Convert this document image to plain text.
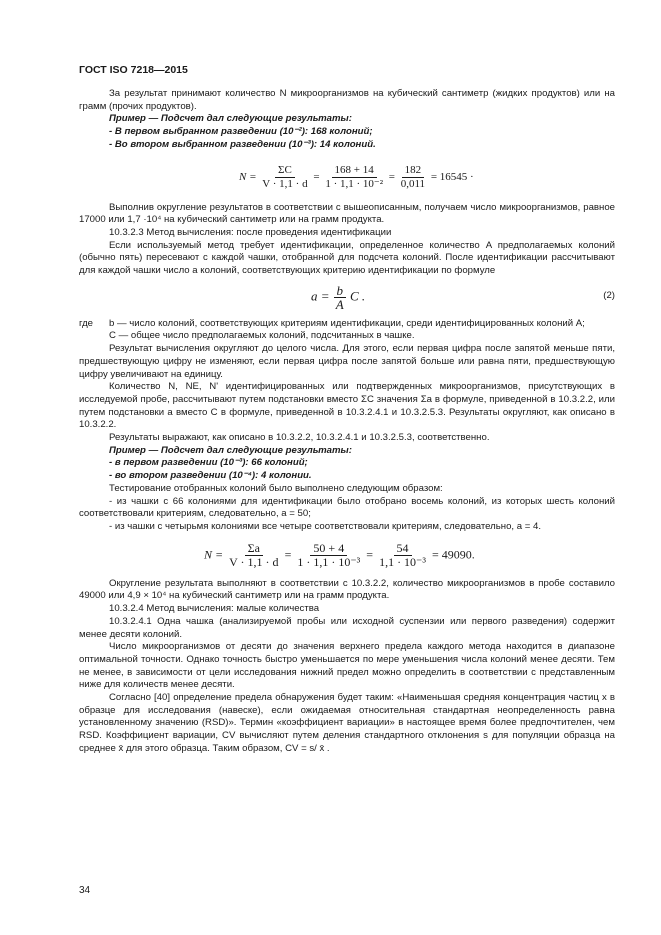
ГОСТ ISO 7218—2015

За результат принимают количество N микроорганизмов на кубический сантиметр (жидких продуктов) или на грамм (прочих продуктов).

Пример — Подсчет дал следующие результаты:

- В первом выбранном разведении (10⁻²): 168 колоний;

- Во втором выбранном разведении (10⁻³): 14 колоний.

$N = \frac{\Sigma C}{V \cdot 1,1 \cdot d} = \frac{168 + 14}{\text{1 · 1,1 · 10⁻²}} = \frac{182}{0,011} = 16545$ ·

Выполнив округление результатов в соответствии с вышеописанным, получаем число микроорганизмов, равное 17000 или 1,7 ·10⁴ на кубический сантиметр или на грамм продукта.

10.3.2.3 Метод вычисления: после проведения идентификации

Если используемый метод требует идентификации, определенное количество A предполагаемых колоний (обычно пять) пересевают с каждой чашки, отобранной для подсчета колоний. После идентификации рассчитывают для каждой чашки число a колоний, соответствующих критерию идентификации по формуле

$a = \frac{b}{A}$ C .	(2)
где	b — число колоний, соответствующих критериям идентификации, среди идентифицированных колоний A;

C — общее число предполагаемых колоний, подсчитанных в чашке.

Результат вычисления округляют до целого числа. Для этого, если первая цифра после запятой меньше пяти, предшествующую цифру не изменяют, если первая цифра после запятой больше или равна пяти, предшествующую цифру увеличивают на единицу.

Количество N, NE, N' идентифицированных или подтвержденных микроорганизмов, присутствующих в исследуемой пробе, рассчитывают путем подстановки вместо ΣC значения Σa в формуле, приведенной в 10.3.2.2, или путем подстановки a вместо C в формуле, приведенной в 10.3.2.4.1 и 10.3.2.5.3. Результаты округляют, как описано в 10.3.2.2.

Результаты выражают, как описано в 10.3.2.2, 10.3.2.4.1 и 10.3.2.5.3, соответственно.

Пример — Подсчет дал следующие результаты:

- в первом разведении (10⁻³): 66 колоний;

- во втором разведении (10⁻⁴): 4 колонии.

Тестирование отобранных колоний было выполнено следующим образом:

- из чашки с 66 колониями для идентификации было отобрано восемь колоний, из которых шесть колоний соответствовали критериям, следовательно, a = 50;

- из чашки с четырьмя колониями все четыре соответствовали критериям, следовательно, a = 4.

$N = \frac{\Sigma a}{V \cdot 1,1 \cdot d} = \frac{50 + 4}{\text{1 · 1,1 · 10⁻³}} = \frac{54}{\text{1,1 · 10⁻³}} = 49090$.

Округление результата выполняют в соответствии с 10.3.2.2, количество микроорганизмов в пробе составило 49000 или 4,9 × 10⁴ на кубический сантиметр или на грамм продукта.

10.3.2.4 Метод вычисления: малые количества

10.3.2.4.1 Одна чашка (анализируемой пробы или исходной суспензии или первого разведения) содержит менее десяти колоний.

Число микроорганизмов от десяти до значения верхнего предела каждого метода находится в диапазоне оптимальной точности. Однако точность быстро уменьшается по мере уменьшения числа колоний менее десяти. Тем не менее, в зависимости от цели исследования нижний предел можно определить в соответствии с представленным ниже для количеств менее десяти.

Согласно [40] определение предела обнаружения будет таким: «Наименьшая средняя концентрация частиц x в образце для исследования (навеске), если ожидаемая относительная стандартная неопределенность равна установленному значению (RSD)». Термин «коэффициент вариации» в настоящее время более предпочтителен, чем RSD. Коэффициент вариации, CV вычисляют путем деления стандартного отклонения s для популяции образца на среднее x̄ для этого образца. Таким образом, CV = s/ x̄ .

34
